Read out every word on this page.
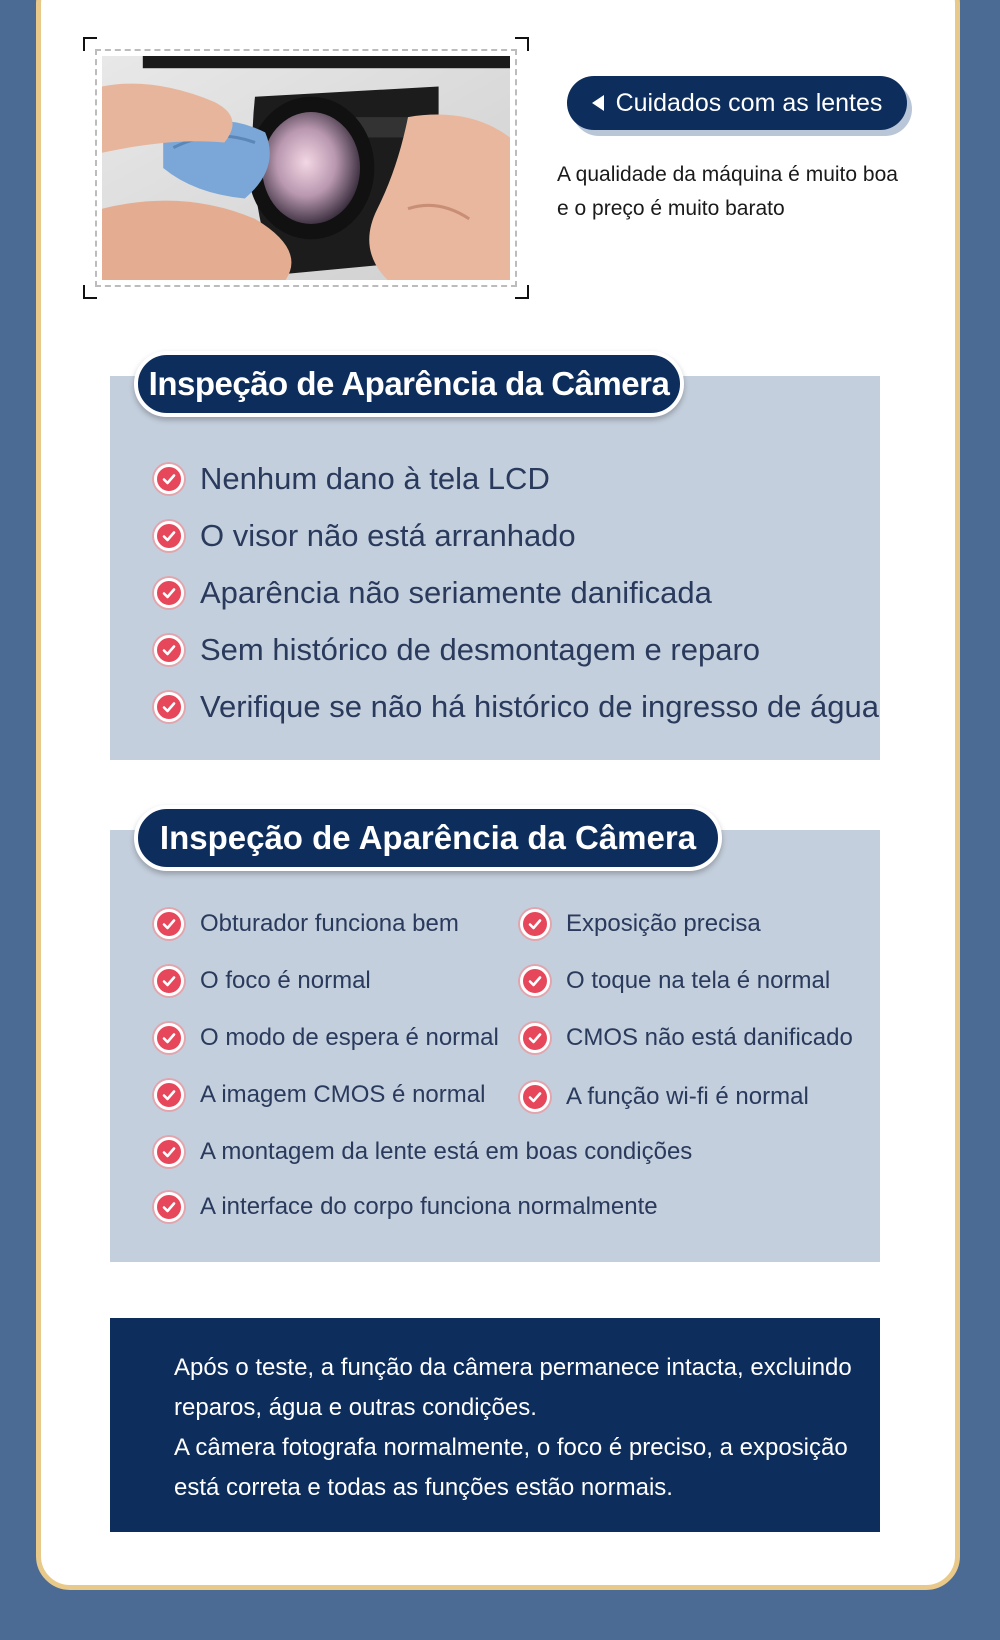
Cuidados com as lentes
A qualidade da máquina é muito boa
e o preço é muito barato
Inspeção de Aparência da Câmera
Nenhum dano à tela LCD
O visor não está arranhado
Aparência não seriamente danificada
Sem histórico de desmontagem e reparo
Verifique se não há histórico de ingresso de água
Inspeção de Aparência da Câmera
Obturador funciona bem
O foco é normal
O modo de espera é normal
A imagem CMOS é normal
Exposição precisa
O toque na tela é normal
CMOS não está danificado
A função wi-fi é normal
A montagem da lente está em boas condições
A interface do corpo funciona normalmente

Após o teste, a função da câmera permanece intacta, excluindo

reparos, água e outras condições.

A câmera fotografa normalmente, o foco é preciso, a exposição

está correta e todas as funções estão normais.
